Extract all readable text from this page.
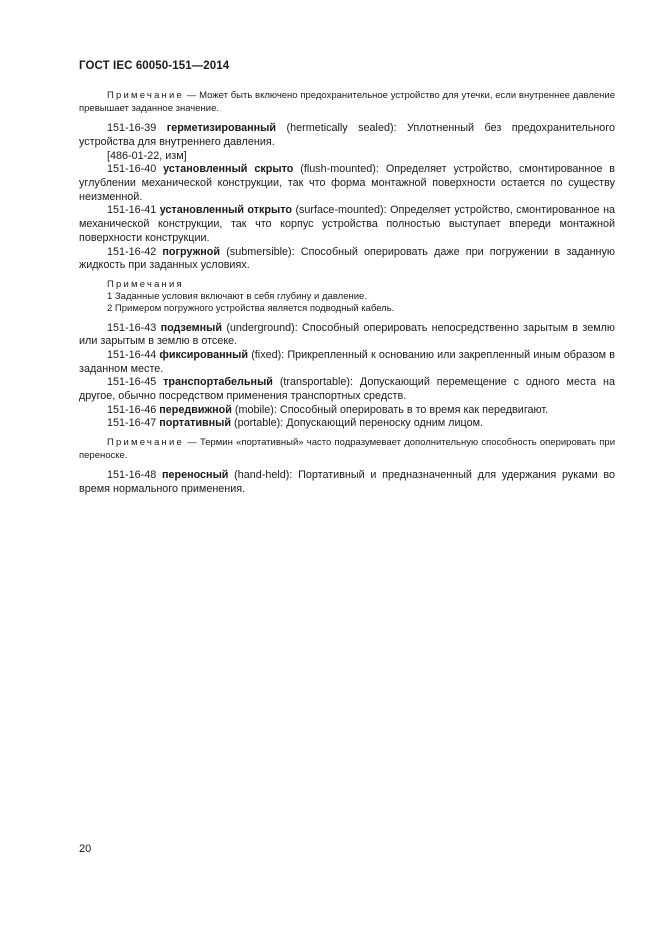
ГОСТ IEC 60050-151—2014

Примечание — Может быть включено предохранительное устройство для утечки, если внутреннее давление превышает заданное значение.

151-16-39 герметизированный (hermetically sealed): Уплотненный без предохранительного устройства для внутреннего давления.
[486-01-22, изм]
151-16-40 установленный скрыто (flush-mounted): Определяет устройство, смонтированное в углублении механической конструкции, так что форма монтажной поверхности остается по существу неизменной.
151-16-41 установленный открыто (surface-mounted): Определяет устройство, смонтированное на механической конструкции, так что корпус устройства полностью выступает впереди монтажной поверхности конструкции.
151-16-42 погружной (submersible): Способный оперировать даже при погружении в заданную жидкость при заданных условиях.
Примечания
1 Заданные условия включают в себя глубину и давление.
2 Примером погружного устройства является подводный кабель.
151-16-43 подземный (underground): Способный оперировать непосредственно зарытым в землю или зарытым в землю в отсеке.
151-16-44 фиксированный (fixed): Прикрепленный к основанию или закрепленный иным образом в заданном месте.
151-16-45 транспортабельный (transportable): Допускающий перемещение с одного места на другое, обычно посредством применения транспортных средств.
151-16-46 передвижной (mobile): Способный оперировать в то время как передвигают.
151-16-47 портативный (portable): Допускающий переноску одним лицом.

Примечание — Термин «портативный» часто подразумевает дополнительную способность оперировать при переноске.

151-16-48 переносный (hand-held): Портативный и предназначенный для удержания руками во время нормального применения.
20
